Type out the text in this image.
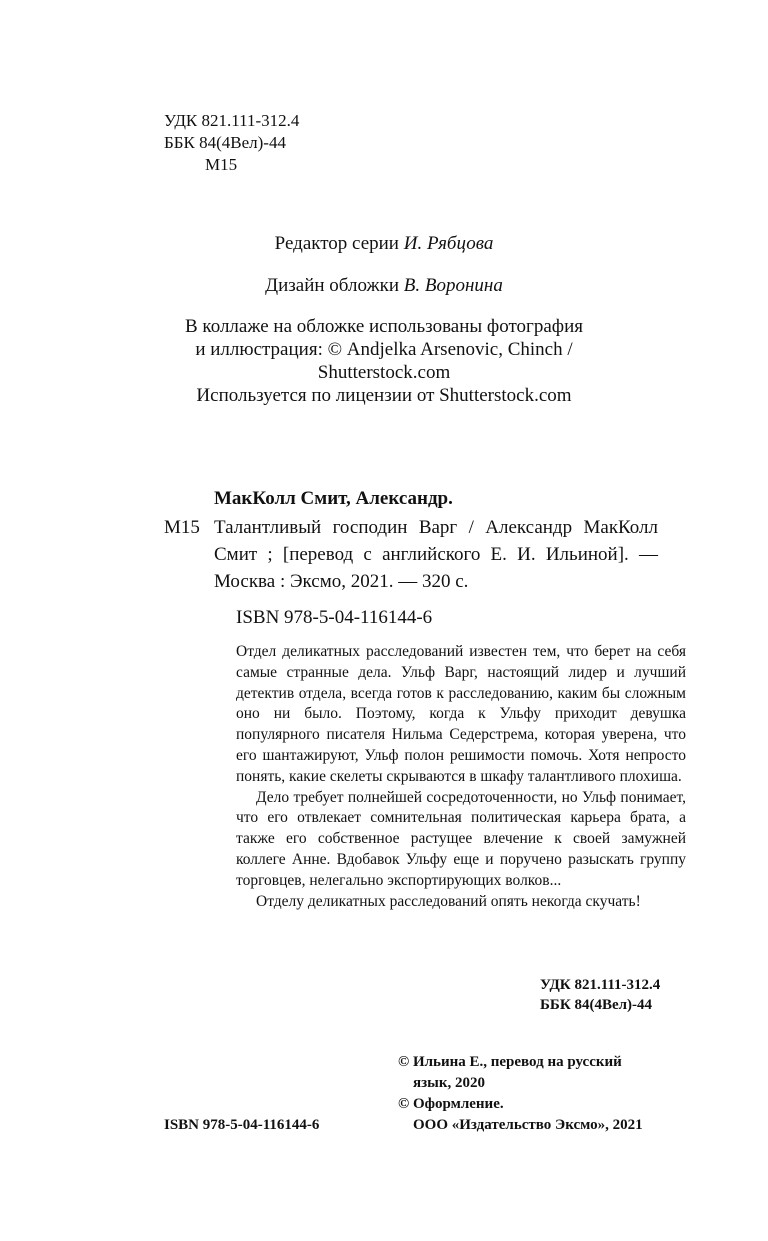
УДК 821.111-312.4
ББК 84(4Вел)-44
М15
Редактор серии И. Рябцова
Дизайн обложки В. Воронина
В коллаже на обложке использованы фотография
и иллюстрация: © Andjelka Arsenovic, Chinch /
Shutterstock.com
Используется по лицензии от Shutterstock.com
МакКолл Смит, Александр.
М15 Талантливый господин Варг / Александр МакКолл Смит ; [перевод с английского Е. И. Ильиной]. — Москва : Эксмо, 2021. — 320 с.
ISBN 978-5-04-116144-6

Отдел деликатных расследований известен тем, что берет на себя самые странные дела. Ульф Варг, настоящий лидер и лучший детектив отдела, всегда готов к расследованию, каким бы сложным оно ни было. Поэтому, когда к Ульфу приходит девушка популярного писателя Нильма Седерстрема, которая уверена, что его шантажируют, Ульф полон решимости помочь. Хотя непросто понять, какие скелеты скрываются в шкафу талантливого плохиша.

Дело требует полнейшей сосредоточенности, но Ульф понимает, что его отвлекает сомнительная политическая карьера брата, а также его собственное растущее влечение к своей замужней коллеге Анне. Вдобавок Ульфу еще и поручено разыскать группу торговцев, нелегально экспортирующих волков...

Отделу деликатных расследований опять некогда скучать!

УДК 821.111-312.4
ББК 84(4Вел)-44
© Ильина Е., перевод на русский
язык, 2020
© Оформление.
ООО «Издательство Эксмо», 2021
ISBN 978-5-04-116144-6
